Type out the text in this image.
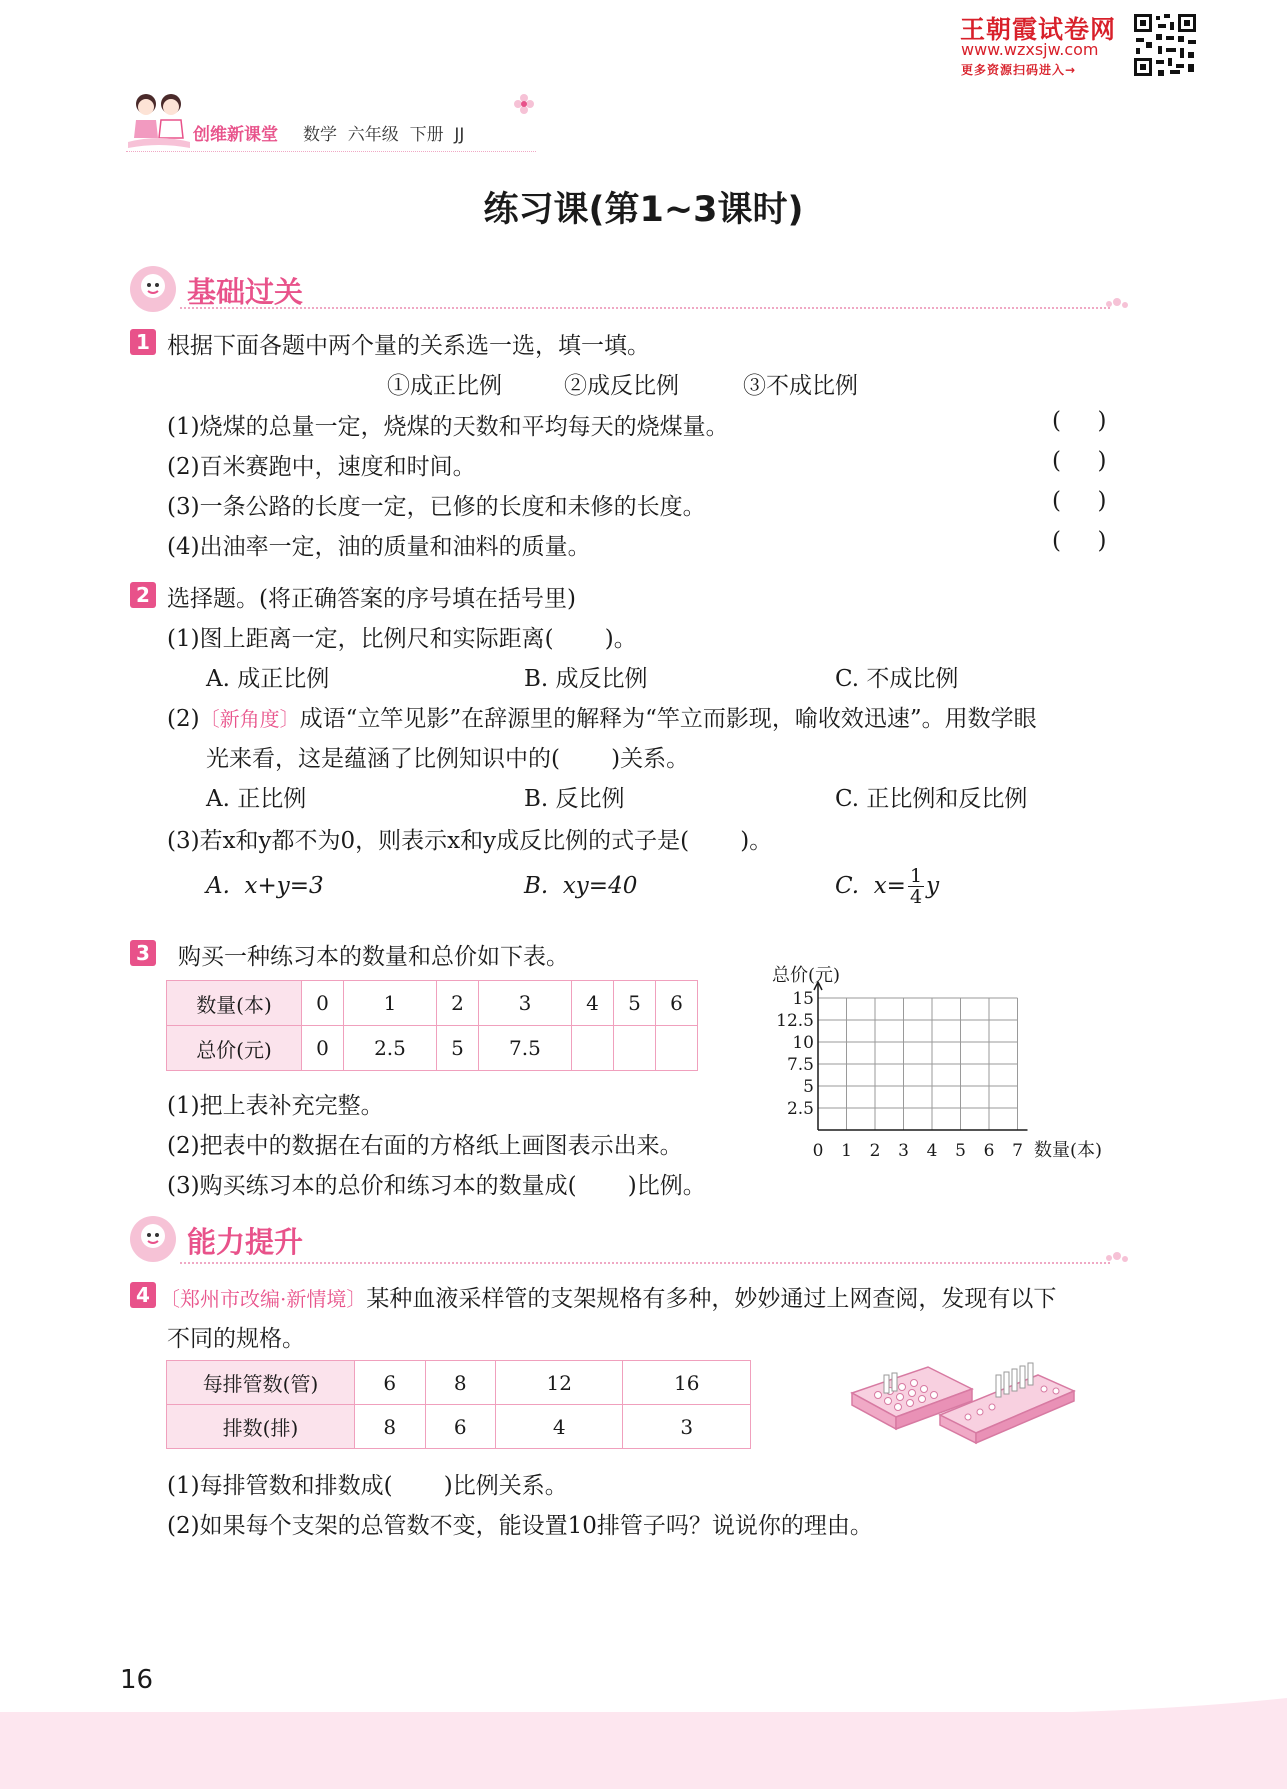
王朝霞试卷网
www.wzxsjw.com
更多资源扫码进入→
创维新课堂 数学  六年级  下册  JJ
练习课(第1~3课时)
基础过关
1 根据下面各题中两个量的关系选一选，填一填。
①成正比例	②成反比例	③不成比例
(1)烧煤的总量一定，烧煤的天数和平均每天的烧煤量。	(     )
(2)百米赛跑中，速度和时间。	(     )
(3)一条公路的长度一定，已修的长度和未修的长度。	(     )
(4)出油率一定，油的质量和油料的质量。	(     )
2 选择题。(将正确答案的序号填在括号里)
(1)图上距离一定，比例尺和实际距离(       )。
A. 成正比例	B. 成反比例	C. 不成比例
(2)〔新角度〕成语“立竿见影”在辞源里的解释为“竿立而影现，喻收效迅速”。用数学眼
光来看，这是蕴涵了比例知识中的(       )关系。
A. 正比例	B. 反比例	C. 正比例和反比例
(3)若x和y都不为0，则表示x和y成反比例的式子是(       )。
A.  x+y=3	B.  xy=40	C.  $x= \frac{1}{4}$ y
3 购买一种练习本的数量和总价如下表。
数量(本)	0	1	2	3	4	5	6
总价(元)	0	2.5	5	7.5			
(1)把上表补充完整。
(2)把表中的数据在右面的方格纸上画图表示出来。
(3)购买练习本的总价和练习本的数量成(       )比例。
总价(元)
数量(本)
0 1 2 3 4 5 6 7
2.5
5
7.5
10
12.5
15
能力提升
4 〔郑州市改编·新情境〕某种血液采样管的支架规格有多种，妙妙通过上网查阅，发现有以下
不同的规格。
每排管数(管)	6	8	12	16
排数(排)	8	6	4	3
(1)每排管数和排数成(       )比例关系。
(2)如果每个支架的总管数不变，能设置10排管子吗？说说你的理由。
16
